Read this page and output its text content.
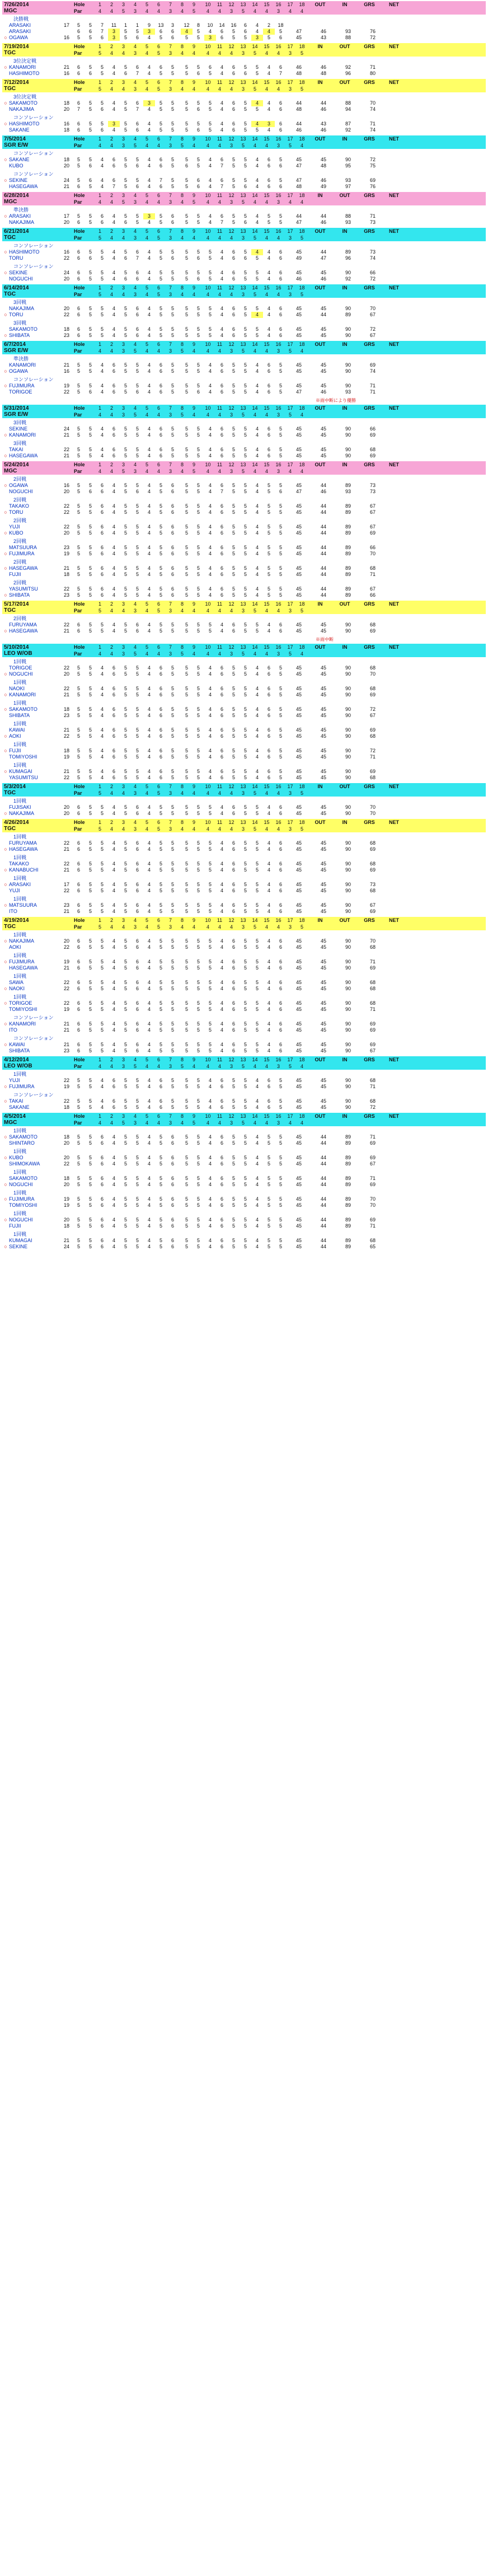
7/26/2014
MGC
Hole	1	2	3	4	5	6	7	8	9	10	11	12	13	14	15	16	17	18	OUT	IN	GRS	NET
Par	4	4	5	3	4	4	3	4	5	4	4	3	5	4	4	3	4	4
決勝戦
ARASAKI	17	5	5	7	11	1	1	9	13	3	12	8	10	14	16	6	4	2	18
ARASAKI	6	6	7	3	5	5	3	6	6	4	5	4	6	5	6	4	4	5	47	46	93	76
○ OGAWA	16	5	5	6	3	5	6	4	5	6	5	5	3	6	5	5	3	5	6	45	43	88	72
7/19/2014
TGC
Hole	1	2	3	4	5	6	7	8	9	10	11	12	13	14	15	16	17	18	IN	OUT	GRS	NET
Par	5	4	4	3	4	5	3	4	4	4	4	4	3	5	4	4	3	5
3位決定戦
○ KANAMORI	21	6	5	5	4	5	6	4	6	5	5	5	6	4	6	5	5	4	6	46	46	92	71
HASHIMOTO	16	6	6	5	4	6	7	4	5	5	5	6	5	4	6	6	5	4	7	48	48	96	80
7/12/2014
TGC
Hole	1	2	3	4	5	6	7	8	9	10	11	12	13	14	15	16	17	18	IN	OUT	GRS	NET
Par	5	4	4	3	4	5	3	4	4	4	4	4	3	5	4	4	3	5
3位決定戦
○ SAKAMOTO	18	6	5	5	4	5	6	3	5	5	5	5	5	4	6	5	4	4	6	44	44	88	70
NAKAJIMA	20	7	5	6	4	5	7	4	5	5	5	6	5	4	6	5	5	4	6	48	46	94	74
コンソレーション
○ HASHIMOTO	16	6	5	5	3	5	6	4	5	5	5	5	5	4	6	5	4	3	6	44	43	87	71
SAKANE	18	6	5	6	4	5	6	4	5	5	5	6	5	4	6	5	5	4	6	46	46	92	74
7/5/2014
SGR E/W
Hole	1	2	3	4	5	6	7	8	9	10	11	12	13	14	15	16	17	18	OUT	IN	GRS	NET
Par	4	4	3	5	4	4	3	5	4	4	4	3	5	4	4	3	5	4
コンソレーション
○ SAKANE	18	5	5	4	6	5	5	4	6	5	5	5	4	6	5	5	4	6	5	45	45	90	72
KUBO	20	5	6	4	6	5	6	4	6	5	6	5	4	7	5	5	4	6	6	47	48	95	75
コンソレーション
○ SEKINE	24	5	6	4	6	5	5	4	7	5	5	6	4	6	5	5	4	6	5	47	46	93	69
HASEGAWA	21	6	5	4	7	5	6	4	6	5	5	6	4	7	5	6	4	6	6	48	49	97	76
6/28/2014
MGC
Hole	1	2	3	4	5	6	7	8	9	10	11	12	13	14	15	16	17	18	IN	OUT	GRS	NET
Par	4	4	5	3	4	4	3	4	5	4	4	3	5	4	4	3	4	4
準決勝
○ ARASAKI	17	5	5	6	4	5	5	3	5	6	5	5	4	6	5	5	4	5	5	44	44	88	71
NAKAJIMA	20	6	5	6	4	6	5	4	5	6	5	5	4	7	5	6	4	5	5	47	46	93	73
6/21/2014
TGC
Hole	1	2	3	4	5	6	7	8	9	10	11	12	13	14	15	16	17	18	OUT	IN	GRS	NET
Par	5	4	4	3	4	5	3	4	4	4	4	4	3	5	4	4	3	5
コンソレーション
○ HASHIMOTO	16	6	5	5	4	5	6	4	5	5	5	5	5	4	6	5	4	4	6	45	44	89	73
TORU	22	6	6	5	4	6	7	4	5	6	5	6	5	4	6	6	5	4	6	49	47	96	74
コンソレーション
○ SEKINE	24	6	5	5	4	5	6	4	5	5	5	5	5	4	6	5	5	4	6	45	45	90	66
NOGUCHI	20	6	5	5	4	6	6	4	5	5	5	6	5	4	6	5	5	4	6	46	46	92	72
6/14/2014
TGC
Hole	1	2	3	4	5	6	7	8	9	10	11	12	13	14	15	16	17	18	OUT	IN	GRS	NET
Par	5	4	4	3	4	5	3	4	4	4	4	4	3	5	4	4	3	5
3回戦
NAKAJIMA	20	6	5	5	4	5	6	4	5	5	5	5	5	4	6	5	5	4	6	45	45	90	70
○ TORU	22	6	5	5	4	5	6	4	5	5	5	5	5	4	6	5	4	4	6	45	44	89	67
3回戦
SAKAMOTO	18	6	5	5	4	5	6	4	5	5	5	5	5	4	6	5	5	4	6	45	45	90	72
○ SHIBATA	23	6	5	5	4	5	6	4	5	5	5	5	5	4	6	5	5	4	6	45	45	90	67
6/7/2014
SGR E/W
Hole	1	2	3	4	5	6	7	8	9	10	11	12	13	14	15	16	17	18	OUT	IN	GRS	NET
Par	4	4	3	5	4	4	3	5	4	4	4	3	5	4	4	3	5	4
準決勝
KANAMORI	21	5	5	4	6	5	5	4	6	5	5	5	4	6	5	5	4	6	5	45	45	90	69
○ OGAWA	16	5	5	4	6	5	5	4	6	5	5	5	4	6	5	5	4	6	5	45	45	90	74
コンソレーション
○ FUJIMURA	19	5	5	4	6	5	5	4	6	5	5	5	4	6	5	5	4	6	5	45	45	90	71
TORIGOE	22	5	6	4	6	5	6	4	6	5	5	6	4	6	5	5	4	6	5	47	46	93	71
※雨中断により優勝
5/31/2014
SGR E/W
Hole	1	2	3	4	5	6	7	8	9	10	11	12	13	14	15	16	17	18	OUT	IN	GRS	NET
Par	4	4	3	5	4	4	3	5	4	4	4	3	5	4	4	3	5	4
3回戦
SEKINE	24	5	5	4	6	5	5	4	6	5	5	5	4	6	5	5	4	6	5	45	45	90	66
○ KANAMORI	21	5	5	4	6	5	5	4	6	5	5	5	4	6	5	5	4	6	5	45	45	90	69
3回戦
TAKAI	22	5	5	4	6	5	5	4	6	5	5	5	4	6	5	5	4	6	5	45	45	90	68
○ HASEGAWA	21	5	5	4	6	5	5	4	6	5	5	5	4	6	5	5	4	6	5	45	45	90	69
5/24/2014
MGC
Hole	1	2	3	4	5	6	7	8	9	10	11	12	13	14	15	16	17	18	OUT	IN	GRS	NET
Par	4	4	5	3	4	4	3	4	5	4	4	3	5	4	4	3	4	4
2回戦
○ OGAWA	16	5	5	6	4	5	5	4	5	6	5	5	4	6	5	5	4	5	5	45	44	89	73
NOGUCHI	20	5	6	6	4	5	6	4	5	6	5	5	4	7	5	5	4	5	6	47	46	93	73
2回戦
TAKAKO	22	5	5	6	4	5	5	4	5	6	5	5	4	6	5	5	4	5	5	45	44	89	67
○ TORU	22	5	5	6	4	5	5	4	5	6	5	5	4	6	5	5	4	5	5	45	44	89	67
2回戦
YUJI	22	5	5	6	4	5	5	4	5	6	5	5	4	6	5	5	4	5	5	45	44	89	67
○ KUBO	20	5	5	6	4	5	5	4	5	6	5	5	4	6	5	5	4	5	5	45	44	89	69
2回戦
MATSUURA	23	5	5	6	4	5	5	4	5	6	5	5	4	6	5	5	4	5	5	45	44	89	66
○ FUJIMURA	19	5	5	6	4	5	5	4	5	6	5	5	4	6	5	5	4	5	5	45	44	89	70
2回戦
○ HASEGAWA	21	5	5	6	4	5	5	4	5	6	5	5	4	6	5	5	4	5	5	45	44	89	68
FUJII	18	5	5	6	4	5	5	4	5	6	5	5	4	6	5	5	4	5	5	45	44	89	71
2回戦
YASUMITSU	22	5	5	6	4	5	5	4	5	6	5	5	4	6	5	5	4	5	5	45	44	89	67
○ SHIBATA	23	5	5	6	4	5	5	4	5	6	5	5	4	6	5	5	4	5	5	45	44	89	66
5/17/2014
TGC
Hole	1	2	3	4	5	6	7	8	9	10	11	12	13	14	15	16	17	18	IN	OUT	GRS	NET
Par	5	4	4	3	4	5	3	4	4	4	4	4	3	5	4	4	3	5
2回戦
FURUYAMA	22	6	5	5	4	5	6	4	5	5	5	5	5	4	6	5	5	4	6	45	45	90	68
○ HASEGAWA	21	6	5	5	4	5	6	4	5	5	5	5	5	4	6	5	5	4	6	45	45	90	69
※雨中断
5/10/2014
LEO W/OB
Hole	1	2	3	4	5	6	7	8	9	10	11	12	13	14	15	16	17	18	OUT	IN	GRS	NET
Par	4	4	3	5	4	4	3	5	4	4	4	3	5	4	4	3	5	4
1回戦
TORIGOE	22	5	5	4	6	5	5	4	6	5	5	5	4	6	5	5	4	6	5	45	45	90	68
○ NOGUCHI	20	5	5	4	6	5	5	4	6	5	5	5	4	6	5	5	4	6	5	45	45	90	70
1回戦
NAOKI	22	5	5	4	6	5	5	4	6	5	5	5	4	6	5	5	4	6	5	45	45	90	68
○ KANAMORI	21	5	5	4	6	5	5	4	6	5	5	5	4	6	5	5	4	6	5	45	45	90	69
1回戦
○ SAKAMOTO	18	5	5	4	6	5	5	4	6	5	5	5	4	6	5	5	4	6	5	45	45	90	72
SHIBATA	23	5	5	4	6	5	5	4	6	5	5	5	4	6	5	5	4	6	5	45	45	90	67
1回戦
KAWAI	21	5	5	4	6	5	5	4	6	5	5	5	4	6	5	5	4	6	5	45	45	90	69
○ AOKI	22	5	5	4	6	5	5	4	6	5	5	5	4	6	5	5	4	6	5	45	45	90	68
1回戦
○ FUJII	18	5	5	4	6	5	5	4	6	5	5	5	4	6	5	5	4	6	5	45	45	90	72
TOMIYOSHI	19	5	5	4	6	5	5	4	6	5	5	5	4	6	5	5	4	6	5	45	45	90	71
1回戦
○ KUMAGAI	21	5	5	4	6	5	5	4	6	5	5	5	4	6	5	5	4	6	5	45	45	90	69
YASUMITSU	22	5	5	4	6	5	5	4	6	5	5	5	4	6	5	5	4	6	5	45	45	90	68
5/3/2014
TGC
Hole	1	2	3	4	5	6	7	8	9	10	11	12	13	14	15	16	17	18	IN	OUT	GRS	NET
Par	5	4	4	3	4	5	3	4	4	4	4	4	3	5	4	4	3	5
1回戦
FUJISAKI	20	6	5	5	4	5	6	4	5	5	5	5	5	4	6	5	5	4	6	45	45	90	70
○ NAKAJIMA	20	6	5	5	4	5	6	4	5	5	5	5	5	4	6	5	5	4	6	45	45	90	70
4/26/2014
TGC
Hole	1	2	3	4	5	6	7	8	9	10	11	12	13	14	15	16	17	18	OUT	IN	GRS	NET
Par	5	4	4	3	4	5	3	4	4	4	4	4	3	5	4	4	3	5
1回戦
FURUYAMA	22	6	5	5	4	5	6	4	5	5	5	5	5	4	6	5	5	4	6	45	45	90	68
○ HASEGAWA	21	6	5	5	4	5	6	4	5	5	5	5	5	4	6	5	5	4	6	45	45	90	69
1回戦
TAKAKO	22	6	5	5	4	5	6	4	5	5	5	5	5	4	6	5	5	4	6	45	45	90	68
○ KANABUCHI	21	6	5	5	4	5	6	4	5	5	5	5	5	4	6	5	5	4	6	45	45	90	69
1回戦
○ ARASAKI	17	6	5	5	4	5	6	4	5	5	5	5	5	4	6	5	5	4	6	45	45	90	73
YUJI	22	6	5	5	4	5	6	4	5	5	5	5	5	4	6	5	5	4	6	45	45	90	68
1回戦
○ MATSUURA	23	6	5	5	4	5	6	4	5	5	5	5	5	4	6	5	5	4	6	45	45	90	67
ITO	21	6	5	5	4	5	6	4	5	5	5	5	5	4	6	5	5	4	6	45	45	90	69
4/19/2014
TGC
Hole	1	2	3	4	5	6	7	8	9	10	11	12	13	14	15	16	17	18	IN	OUT	GRS	NET
Par	5	4	4	3	4	5	3	4	4	4	4	4	3	5	4	4	3	5
1回戦
○ NAKAJIMA	20	6	5	5	4	5	6	4	5	5	5	5	5	4	6	5	5	4	6	45	45	90	70
AOKI	22	6	5	5	4	5	6	4	5	5	5	5	5	4	6	5	5	4	6	45	45	90	68
1回戦
○ FUJIMURA	19	6	5	5	4	5	6	4	5	5	5	5	5	4	6	5	5	4	6	45	45	90	71
HASEGAWA	21	6	5	5	4	5	6	4	5	5	5	5	5	4	6	5	5	4	6	45	45	90	69
1回戦
SAWA	22	6	5	5	4	5	6	4	5	5	5	5	5	4	6	5	5	4	6	45	45	90	68
○ NAOKI	22	6	5	5	4	5	6	4	5	5	5	5	5	4	6	5	5	4	6	45	45	90	68
1回戦
○ TORIGOE	22	6	5	5	4	5	6	4	5	5	5	5	5	4	6	5	5	4	6	45	45	90	68
TOMIYOSHI	19	6	5	5	4	5	6	4	5	5	5	5	5	4	6	5	5	4	6	45	45	90	71
コンソレーション
○ KANAMORI	21	6	5	5	4	5	6	4	5	5	5	5	5	4	6	5	5	4	6	45	45	90	69
ITO	21	6	5	5	4	5	6	4	5	5	5	5	5	4	6	5	5	4	6	45	45	90	69
コンソレーション
○ KAWAI	21	6	5	5	4	5	6	4	5	5	5	5	5	4	6	5	5	4	6	45	45	90	69
SHIBATA	23	6	5	5	4	5	6	4	5	5	5	5	5	4	6	5	5	4	6	45	45	90	67
4/12/2014
LEO W/OB
Hole	1	2	3	4	5	6	7	8	9	10	11	12	13	14	15	16	17	18	OUT	IN	GRS	NET
Par	4	4	3	5	4	4	3	5	4	4	4	3	5	4	4	3	5	4
1回戦
YUJI	22	5	5	4	6	5	5	4	6	5	5	5	4	6	5	5	4	6	5	45	45	90	68
○ FUJIMURA	19	5	5	4	6	5	5	4	6	5	5	5	4	6	5	5	4	6	5	45	45	90	71
コンソレーション
○ TAKAI	22	5	5	4	6	5	5	4	6	5	5	5	4	6	5	5	4	6	5	45	45	90	68
SAKANE	18	5	5	4	6	5	5	4	6	5	5	5	4	6	5	5	4	6	5	45	45	90	72
4/5/2014
MGC
Hole	1	2	3	4	5	6	7	8	9	10	11	12	13	14	15	16	17	18	OUT	IN	GRS	NET
Par	4	4	5	3	4	4	3	4	5	4	4	3	5	4	4	3	4	4
1回戦
○ SAKAMOTO	18	5	5	6	4	5	5	4	5	6	5	5	4	6	5	5	4	5	5	45	44	89	71
SHINTARO	20	5	5	6	4	5	5	4	5	6	5	5	4	6	5	5	4	5	5	45	44	89	69
1回戦
○ KUBO	20	5	5	6	4	5	5	4	5	6	5	5	4	6	5	5	4	5	5	45	44	89	69
SHIMOKAWA	22	5	5	6	4	5	5	4	5	6	5	5	4	6	5	5	4	5	5	45	44	89	67
1回戦
SAKAMOTO	18	5	5	6	4	5	5	4	5	6	5	5	4	6	5	5	4	5	5	45	44	89	71
○ NOGUCHI	20	5	5	6	4	5	5	4	5	6	5	5	4	6	5	5	4	5	5	45	44	89	69
1回戦
○ FUJIMURA	19	5	5	6	4	5	5	4	5	6	5	5	4	6	5	5	4	5	5	45	44	89	70
TOMIYOSHI	19	5	5	6	4	5	5	4	5	6	5	5	4	6	5	5	4	5	5	45	44	89	70
1回戦
○ NOGUCHI	20	5	5	6	4	5	5	4	5	6	5	5	4	6	5	5	4	5	5	45	44	89	69
FUJII	18	5	5	6	4	5	5	4	5	6	5	5	4	6	5	5	4	5	5	45	44	89	71
1回戦
KUMAGAI	21	5	5	6	4	5	5	4	5	6	5	5	4	6	5	5	4	5	5	45	44	89	68
○ SEKINE	24	5	5	6	4	5	5	4	5	6	5	5	4	6	5	5	4	5	5	45	44	89	65
